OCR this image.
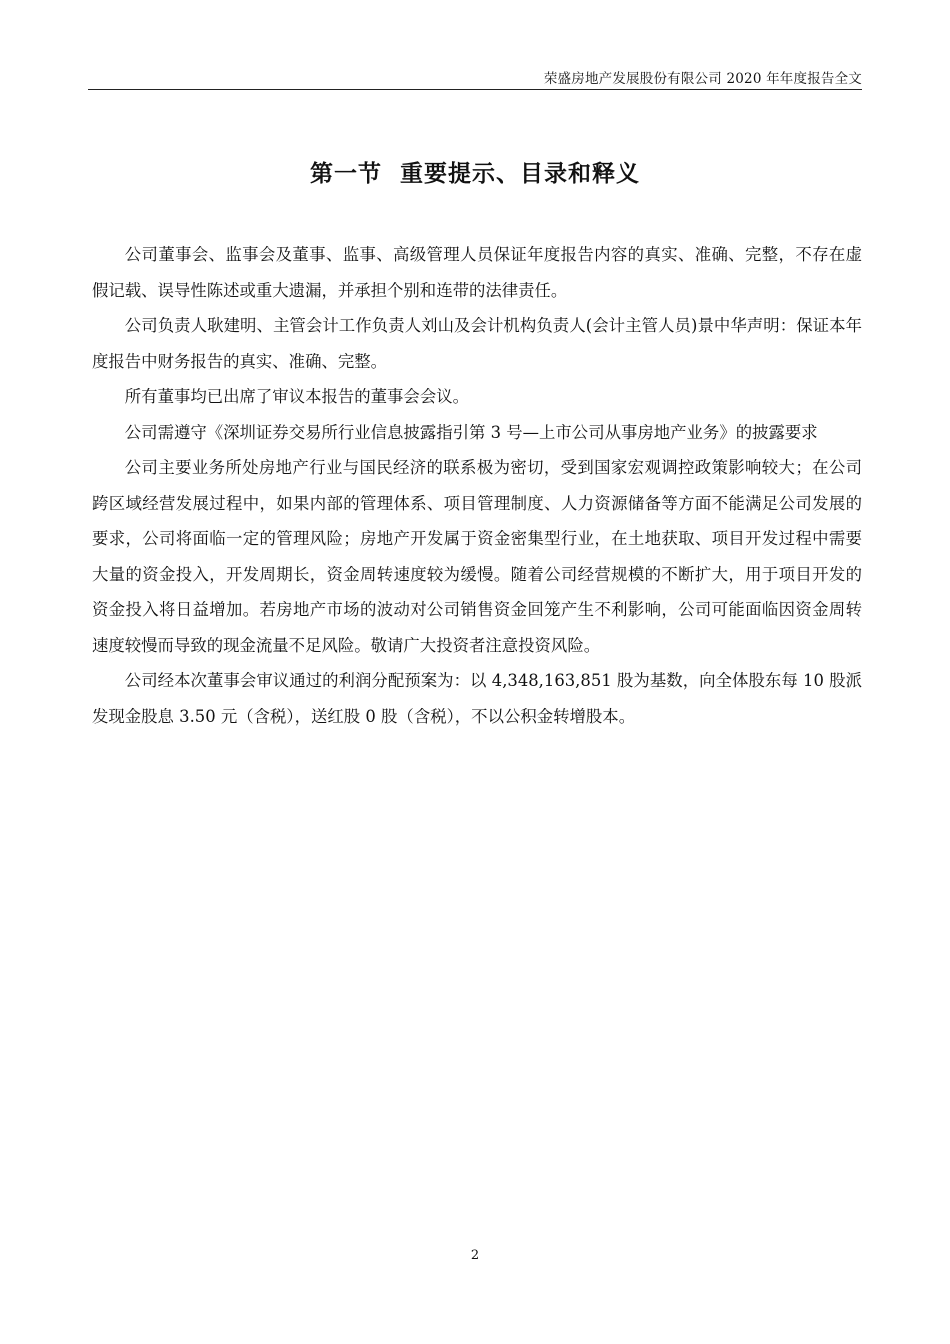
荣盛房地产发展股份有限公司 2020 年年度报告全文
第一节  重要提示、目录和释义

公司董事会、监事会及董事、监事、高级管理人员保证年度报告内容的真实、准确、完整，不存在虚假记载、误导性陈述或重大遗漏，并承担个别和连带的法律责任。

公司负责人耿建明、主管会计工作负责人刘山及会计机构负责人(会计主管人员)景中华声明：保证本年度报告中财务报告的真实、准确、完整。

所有董事均已出席了审议本报告的董事会会议。

公司需遵守《深圳证券交易所行业信息披露指引第 3 号—上市公司从事房地产业务》的披露要求

公司主要业务所处房地产行业与国民经济的联系极为密切，受到国家宏观调控政策影响较大；在公司跨区域经营发展过程中，如果内部的管理体系、项目管理制度、人力资源储备等方面不能满足公司发展的要求，公司将面临一定的管理风险；房地产开发属于资金密集型行业，在土地获取、项目开发过程中需要大量的资金投入，开发周期长，资金周转速度较为缓慢。随着公司经营规模的不断扩大，用于项目开发的资金投入将日益增加。若房地产市场的波动对公司销售资金回笼产生不利影响，公司可能面临因资金周转速度较慢而导致的现金流量不足风险。敬请广大投资者注意投资风险。

公司经本次董事会审议通过的利润分配预案为：以 4,348,163,851 股为基数，向全体股东每 10 股派发现金股息 3.50 元（含税），送红股 0 股（含税），不以公积金转增股本。

2
